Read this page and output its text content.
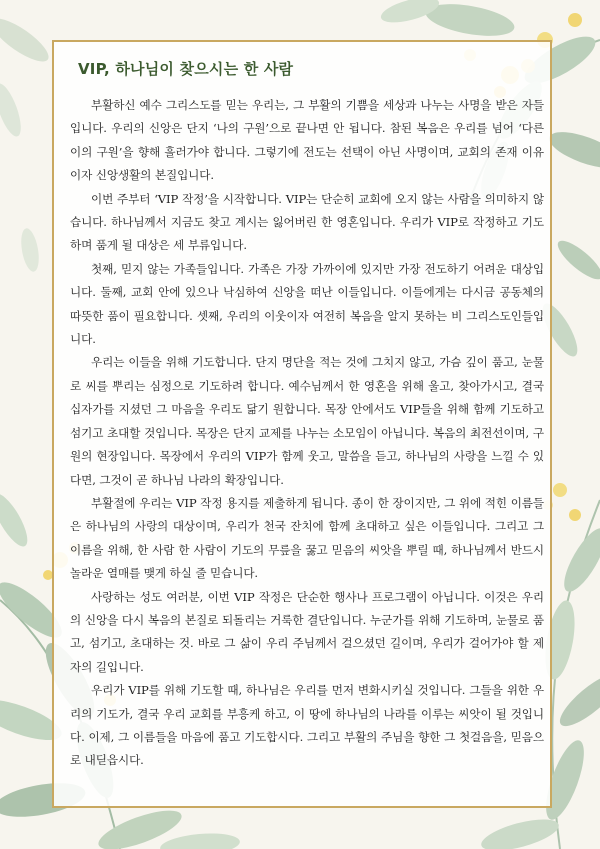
VIP, 하나님이 찾으시는 한 사람

부활하신 예수 그리스도를 믿는 우리는, 그 부활의 기쁨을 세상과 나누는 사명을 받은 자들입니다. 우리의 신앙은 단지 ‘나의 구원’으로 끝나면 안 됩니다. 참된 복음은 우리를 넘어 ‘다른 이의 구원’을 향해 흘러가야 합니다. 그렇기에 전도는 선택이 아닌 사명이며, 교회의 존재 이유이자 신앙생활의 본질입니다.

이번 주부터 ‘VIP 작정’을 시작합니다. VIP는 단순히 교회에 오지 않는 사람을 의미하지 않습니다. 하나님께서 지금도 찾고 계시는 잃어버린 한 영혼입니다. 우리가 VIP로 작정하고 기도하며 품게 될 대상은 세 부류입니다.

첫째, 믿지 않는 가족들입니다. 가족은 가장 가까이에 있지만 가장 전도하기 어려운 대상입니다. 둘째, 교회 안에 있으나 낙심하여 신앙을 떠난 이들입니다. 이들에게는 다시금 공동체의 따뜻한 품이 필요합니다. 셋째, 우리의 이웃이자 여전히 복음을 알지 못하는 비 그리스도인들입니다.

우리는 이들을 위해 기도합니다. 단지 명단을 적는 것에 그치지 않고, 가슴 깊이 품고, 눈물로 씨를 뿌리는 심정으로 기도하려 합니다. 예수님께서 한 영혼을 위해 울고, 찾아가시고, 결국 십자가를 지셨던 그 마음을 우리도 닮기 원합니다. 목장 안에서도 VIP들을 위해 함께 기도하고 섬기고 초대할 것입니다. 목장은 단지 교제를 나누는 소모임이 아닙니다. 복음의 최전선이며, 구원의 현장입니다. 목장에서 우리의 VIP가 함께 웃고, 말씀을 듣고, 하나님의 사랑을 느낄 수 있다면, 그것이 곧 하나님 나라의 확장입니다.

부활절에 우리는 VIP 작정 용지를 제출하게 됩니다. 종이 한 장이지만, 그 위에 적힌 이름들은 하나님의 사랑의 대상이며, 우리가 천국 잔치에 함께 초대하고 싶은 이들입니다. 그리고 그 이름을 위해, 한 사람 한 사람이 기도의 무릎을 꿇고 믿음의 씨앗을 뿌릴 때, 하나님께서 반드시 놀라운 열매를 맺게 하실 줄 믿습니다.

사랑하는 성도 여러분, 이번 VIP 작정은 단순한 행사나 프로그램이 아닙니다. 이것은 우리의 신앙을 다시 복음의 본질로 되돌리는 거룩한 결단입니다. 누군가를 위해 기도하며, 눈물로 품고, 섬기고, 초대하는 것. 바로 그 삶이 우리 주님께서 걸으셨던 길이며, 우리가 걸어가야 할 제자의 길입니다.

우리가 VIP를 위해 기도할 때, 하나님은 우리를 먼저 변화시키실 것입니다. 그들을 위한 우리의 기도가, 결국 우리 교회를 부흥케 하고, 이 땅에 하나님의 나라를 이루는 씨앗이 될 것입니다. 이제, 그 이름들을 마음에 품고 기도합시다. 그리고 부활의 주님을 향한 그 첫걸음을, 믿음으로 내딛읍시다.
